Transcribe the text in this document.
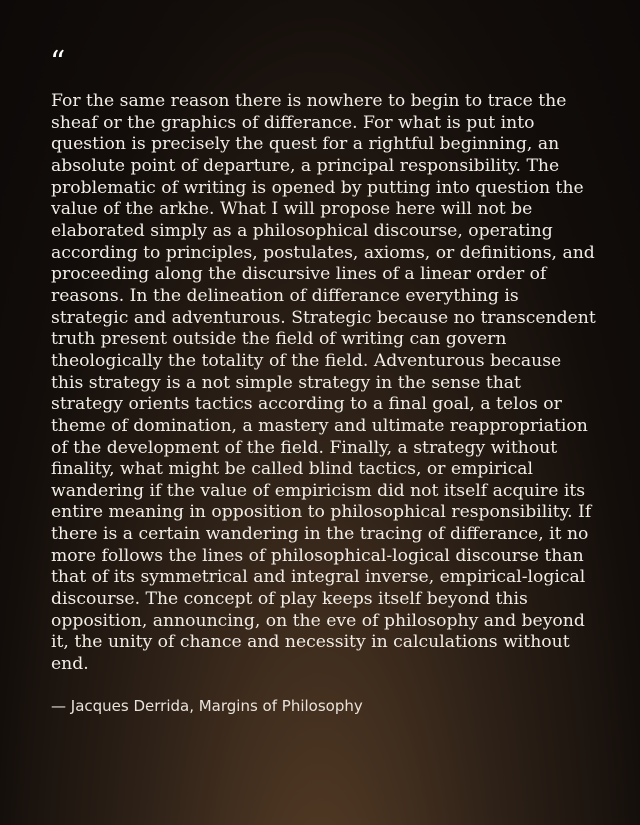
“

For the same reason there is nowhere to begin to trace the sheaf or the graphics of differance. For what is put into question is precisely the quest for a rightful beginning, an absolute point of departure, a principal responsibility. The problematic of writing is opened by putting into question the value of the arkhe. What I will propose here will not be elaborated simply as a philosophical discourse, operating according to principles, postulates, axioms, or definitions, and proceeding along the discursive lines of a linear order of reasons. In the delineation of differance everything is strategic and adventurous. Strategic because no transcendent truth present outside the field of writing can govern theologically the totality of the field. Adventurous because this strategy is a not simple strategy in the sense that strategy orients tactics according to a final goal, a telos or theme of domination, a mastery and ultimate reappropriation of the development of the field. Finally, a strategy without finality, what might be called blind tactics, or empirical wandering if the value of empiricism did not itself acquire its entire meaning in opposition to philosophical responsibility. If there is a certain wandering in the tracing of differance, it no more follows the lines of philosophical-logical discourse than that of its symmetrical and integral inverse, empirical-logical discourse. The concept of play keeps itself beyond this opposition, announcing, on the eve of philosophy and beyond it, the unity of chance and necessity in calculations without end.

— Jacques Derrida, Margins of Philosophy
